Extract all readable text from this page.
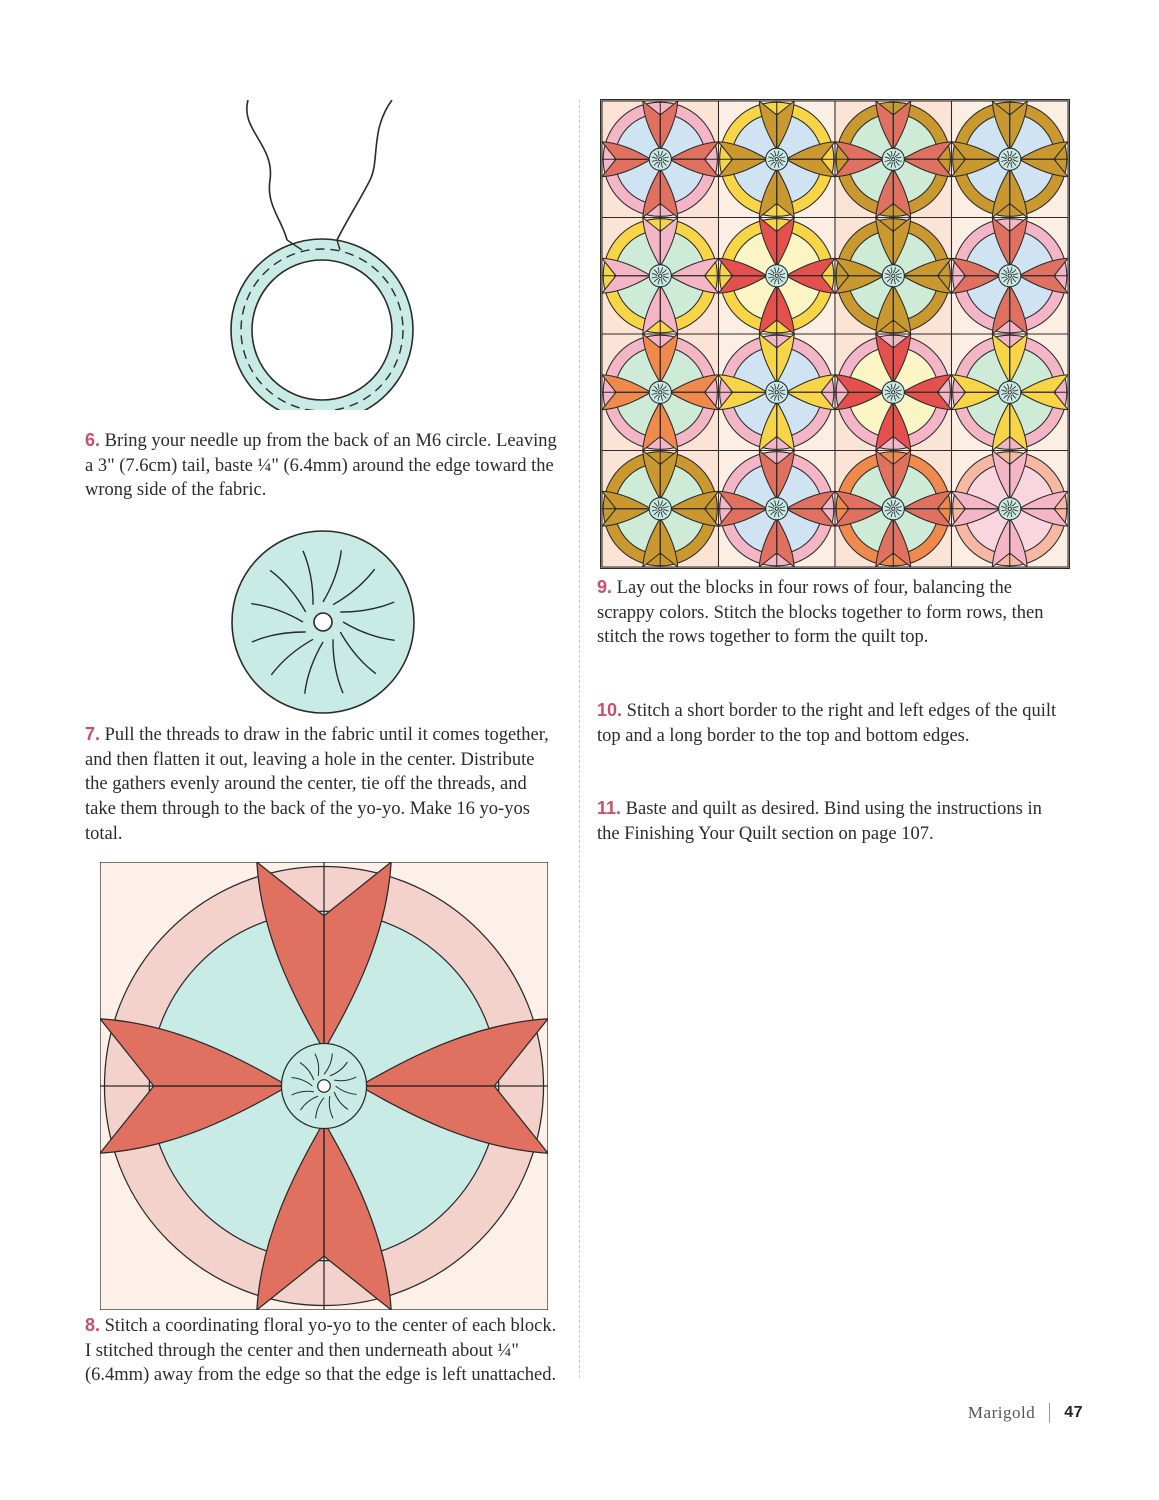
6. Bring your needle up from the back of an M6 circle. Leaving a 3" (7.6cm) tail, baste ¼" (6.4mm) around the edge toward the wrong side of the fabric.

7. Pull the threads to draw in the fabric until it comes together, and then flatten it out, leaving a hole in the center. Distribute the gathers evenly around the center, tie off the threads, and take them through to the back of the yo-yo. Make 16 yo-yos total.

8. Stitch a coordinating floral yo-yo to the center of each block. I stitched through the center and then underneath about ¼" (6.4mm) away from the edge so that the edge is left unattached.

9. Lay out the blocks in four rows of four, balancing the scrappy colors. Stitch the blocks together to form rows, then stitch the rows together to form the quilt top.

10. Stitch a short border to the right and left edges of the quilt top and a long border to the top and bottom edges.

11. Baste and quilt as desired. Bind using the instructions in the Finishing Your Quilt section on page 107.

Marigold 47
